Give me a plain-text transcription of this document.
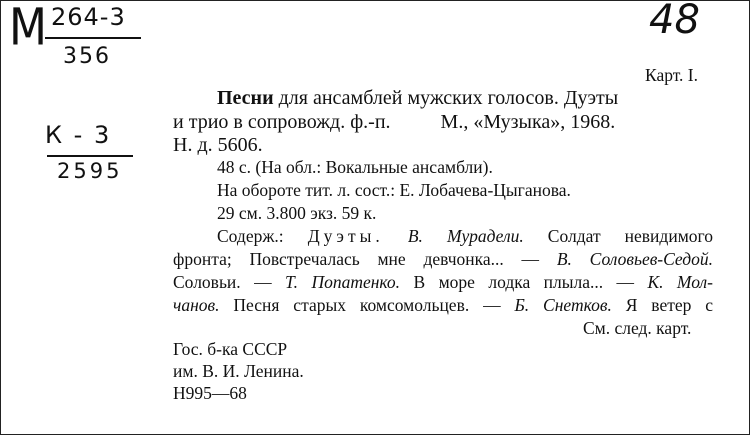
M 264-3
356
К - 3
2595
48
Карт. I.
Песни для ансамблей мужских голосов. Дуэты
и трио в сопровожд. ф.-п.	М., «Музыка», 1968.
Н. д. 5606.
48 с. (На обл.: Вокальные ансамбли).
На обороте тит. л. сост.: Е. Лобачева-Цыганова.
29 см. 3.800 экз. 59 к.
Содерж.: Дуэты. В. Мурадели. Солдат невидимого
фронта; Повстречалась мне девчонка... — В. Соловьев-Седой.
Соловьи. — Т. Попатенко. В море лодка плыла... — К. Мол-
чанов. Песня старых комсомольцев. — Б. Снетков. Я ветер с
См. след. карт.
Гос. б-ка СССР
им. В. И. Ленина.
Н995—68
